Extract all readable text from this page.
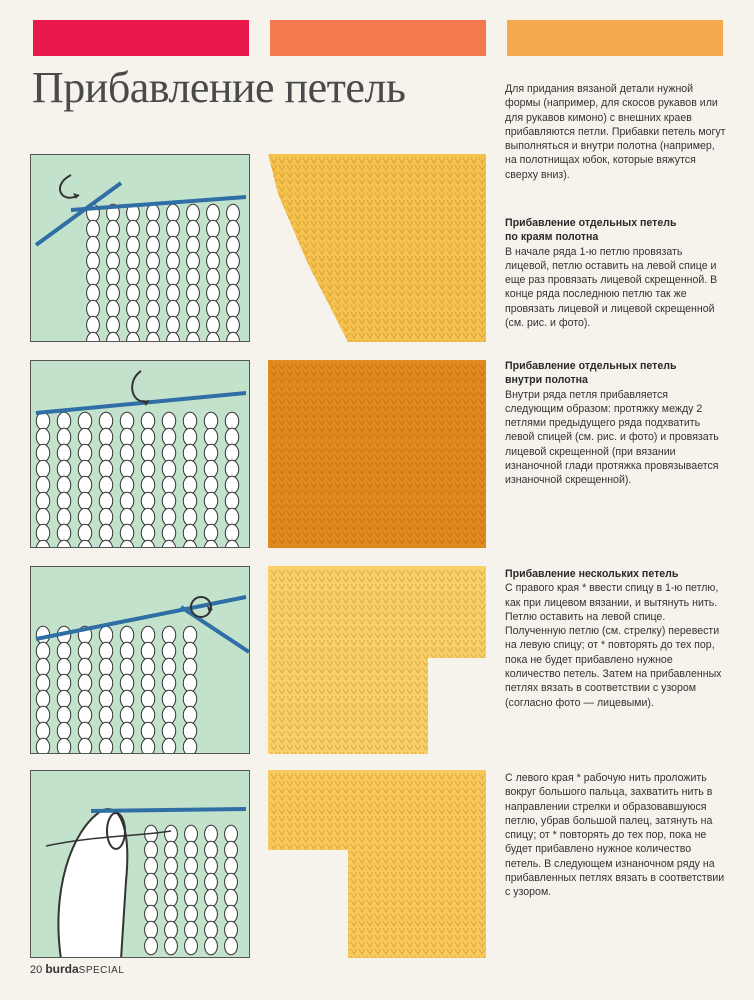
Прибавление петель	Для придания вязаной детали нужной формы (например, для скосов рукавов или для рукавов кимоно) с внешних краев прибавляются петли. Прибавки петель могут выполняться и внутри полотна (например, на полотнищах юбок, которые вяжутся сверху вниз).
Прибавление отдельных петель
по краям полотна

В начале ряда 1-ю петлю провязать лицевой, петлю оставить на левой спице и еще раз провязать лицевой скрещенной. В конце ряда последнюю петлю так же провязать лицевой и лицевой скрещенной (см. рис. и фото).

Прибавление отдельных петель
внутри полотна

Внутри ряда петля прибавляется следующим образом: протяжку между 2 петлями предыдущего ряда подхватить левой спицей (см. рис. и фото) и провязать лицевой скрещенной (при вязании изнаночной глади протяжка провязывается изнаночной скрещенной).

Прибавление нескольких петель

С правого края * ввести спицу в 1-ю петлю, как при лицевом вязании, и вытянуть нить. Петлю оставить на левой спице. Полученную петлю (см. стрелку) перевести на левую спицу; от * повторять до тех пор, пока не будет прибавлено нужное количество петель. Затем на прибавленных петлях вязать в соответствии с узором (согласно фото — лицевыми).

С левого края * рабочую нить проложить вокруг большого пальца, захватить нить в направлении стрелки и образовавшуюся петлю, убрав большой палец, затянуть на спицу; от * повторять до тех пор, пока не будет прибавлено нужное количество петель. В следующем изнаночном ряду на прибавленных петлях вязать в соответствии с узором.

20 burdaSPECIAL
